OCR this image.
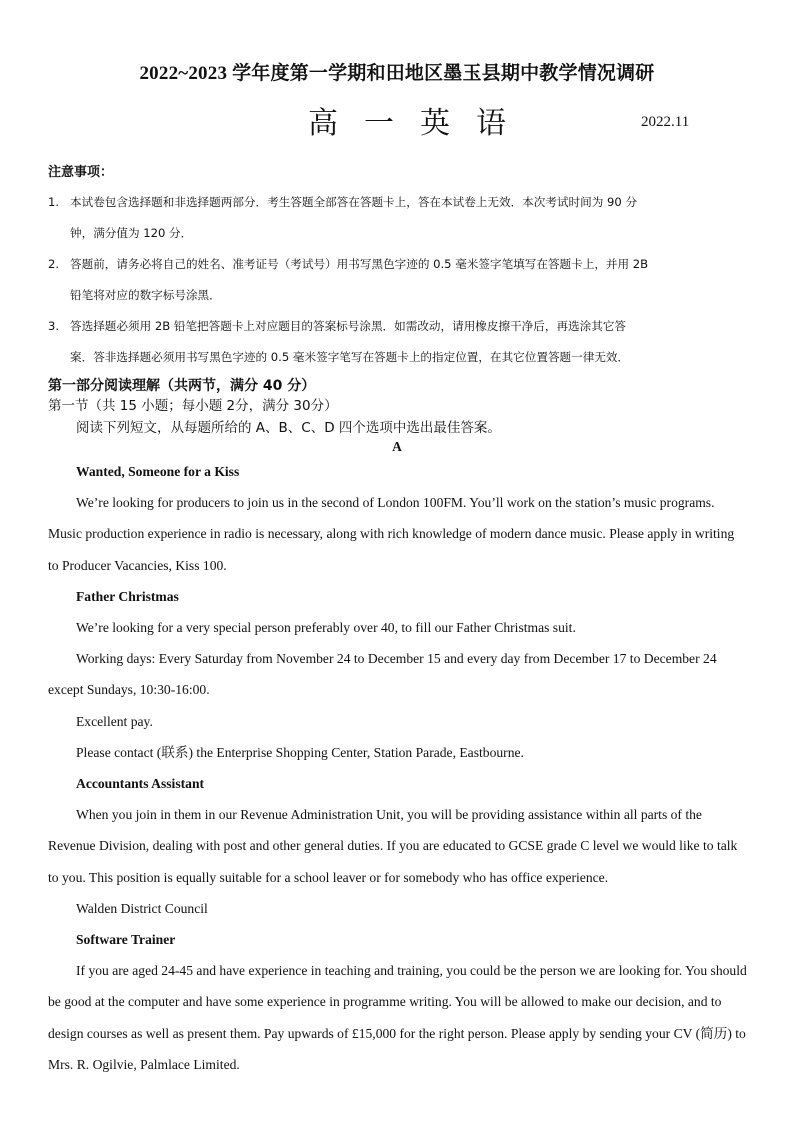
2022~2023 学年度第一学期和田地区墨玉县期中教学情况调研
高一英语	2022.11
注意事项：
1. 本试卷包含选择题和非选择题两部分．考生答题全部答在答题卡上，答在本试卷上无效．本次考试时间为 90 分
钟，满分值为 120 分．
2. 答题前，请务必将自己的姓名、准考证号（考试号）用书写黑色字迹的 0.5 毫米签字笔填写在答题卡上，并用 2B
铅笔将对应的数字标号涂黑．
3. 答选择题必须用 2B 铅笔把答题卡上对应题目的答案标号涂黑．如需改动，请用橡皮擦干净后，再选涂其它答
案．答非选择题必须用书写黑色字迹的 0.5 毫米签字笔写在答题卡上的指定位置，在其它位置答题一律无效．
第一部分阅读理解（共两节，满分 40 分）
第一节（共 15 小题；每小题 2分，满分 30分）
阅读下列短文，从每题所给的 A、B、C、D 四个选项中选出最佳答案。
A

Wanted, Someone for a Kiss

We’re looking for producers to join us in the second of London 100FM. You’ll work on the station’s music programs. Music production experience in radio is necessary, along with rich knowledge of modern dance music. Please apply in writing to Producer Vacancies, Kiss 100.

Father Christmas

We’re looking for a very special person preferably over 40, to fill our Father Christmas suit.

Working days: Every Saturday from November 24 to December 15 and every day from December 17 to December 24 except Sundays, 10:30-16:00.

Excellent pay.

Please contact (联系) the Enterprise Shopping Center, Station Parade, Eastbourne.

Accountants Assistant

When you join in them in our Revenue Administration Unit, you will be providing assistance within all parts of the Revenue Division, dealing with post and other general duties. If you are educated to GCSE grade C level we would like to talk to you. This position is equally suitable for a school leaver or for somebody who has office experience.

Walden District Council

Software Trainer

If you are aged 24-45 and have experience in teaching and training, you could be the person we are looking for. You should be good at the computer and have some experience in programme writing. You will be allowed to make our decision, and to design courses as well as present them. Pay upwards of £15,000 for the right person. Please apply by sending your CV (简历) to Mrs. R. Ogilvie, Palmlace Limited.
